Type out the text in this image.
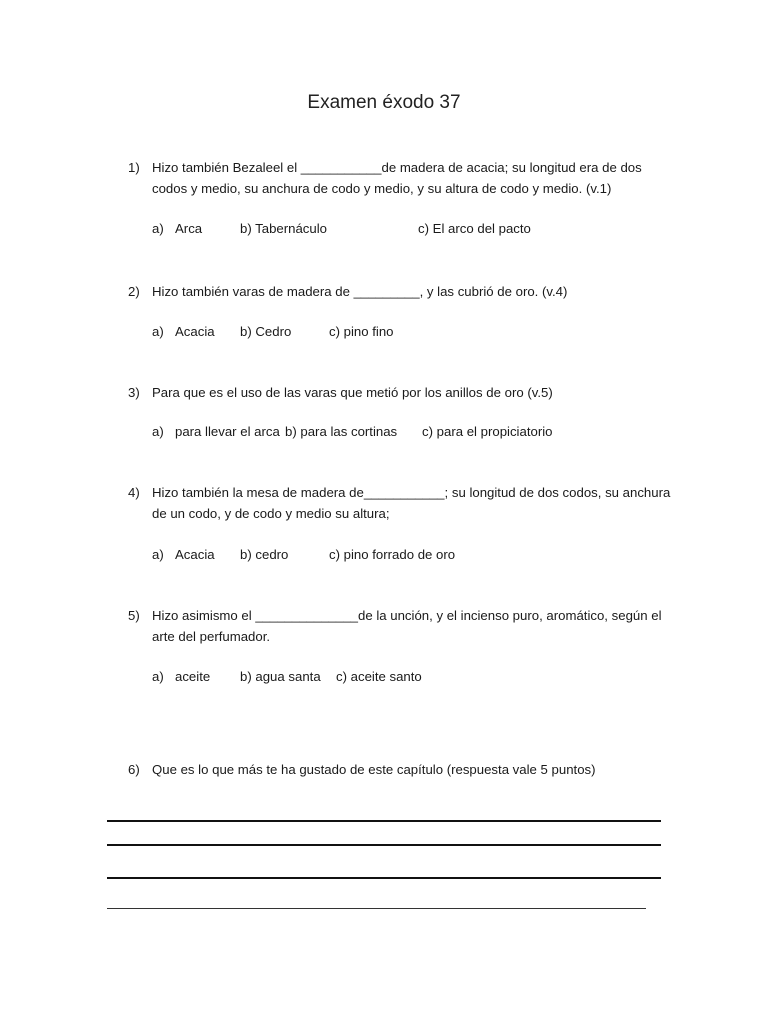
Examen éxodo 37
1) Hizo también Bezaleel el ___________de madera de acacia; su longitud era de dos codos y medio, su anchura de codo y medio, y su altura de codo y medio. (v.1)
a) Arca	b) Tabernáculo	c) El arco del pacto
2) Hizo también varas de madera de _________, y las cubrió de oro. (v.4)
a) Acacia b) Cedro	c) pino fino
3) Para que es el uso de las varas que metió por los anillos de oro (v.5)
a) para llevar el arca b) para las cortinas c) para el propiciatorio
4) Hizo también la mesa de madera de___________; su longitud de dos codos, su anchura de un codo, y de codo y medio su altura;
a) Acacia b) cedro	c) pino forrado de oro
5) Hizo asimismo el ______________de la unción, y el incienso puro, aromático, según el arte del perfumador.
a) aceite b) agua santa c) aceite santo
6) Que es lo que más te ha gustado de este capítulo (respuesta vale 5 puntos)
